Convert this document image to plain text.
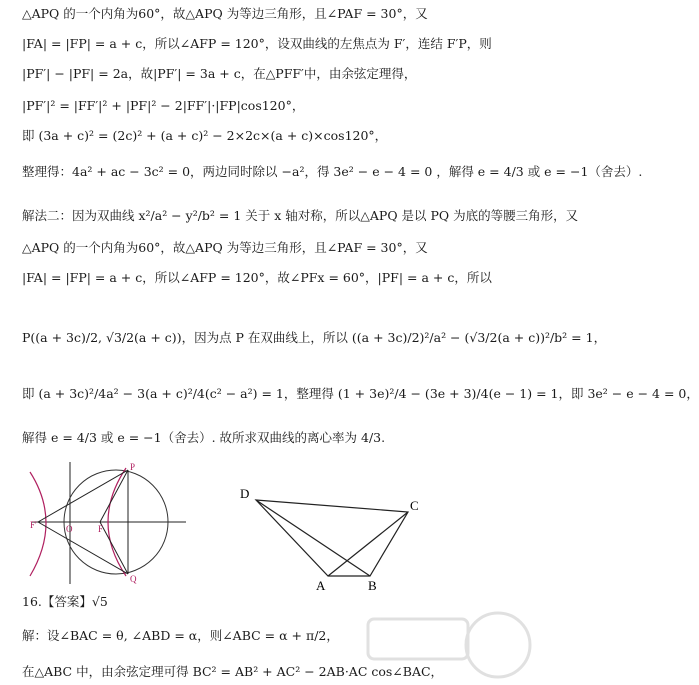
△APQ 的一个内角为60°，故△APQ 为等边三角形，且∠PAF = 30°，又
|FA| = |FP| = a + c，所以∠AFP = 120°，设双曲线的左焦点为 F′，连结 F′P，则
|PF′| − |PF| = 2a，故|PF′| = 3a + c，在△PFF′中，由余弦定理得，
|PF′|² = |FF′|² + |PF|² − 2|FF′|·|FP|cos120°，
即 (3a + c)² = (2c)² + (a + c)² − 2×2c×(a + c)×cos120°，
整理得：4a² + ac − 3c² = 0，两边同时除以 −a²，得 3e² − e − 4 = 0 ，解得 e = 4/3 或 e = −1（舍去）.
解法二：因为双曲线 x²/a² − y²/b² = 1 关于 x 轴对称，所以△APQ 是以 PQ 为底的等腰三角形，又
△APQ 的一个内角为60°，故△APQ 为等边三角形，且∠PAF = 30°，又
|FA| = |FP| = a + c，所以∠AFP = 120°，故∠PFx = 60°，|PF| = a + c，所以
P((a + 3c)/2, √3/2(a + c))，因为点 P 在双曲线上，所以 ((a + 3c)/2)²/a² − (√3/2(a + c))²/b² = 1，
即 (a + 3c)²/4a² − 3(a + c)²/4(c² − a²) = 1，整理得 (1 + 3e)²/4 − (3e + 3)/4(e − 1) = 1，即 3e² − e − 4 = 0，
解得 e = 4/3 或 e = −1（舍去）. 故所求双曲线的离心率为 4/3.
16.【答案】√5
解：设∠BAC = θ, ∠ABD = α，则∠ABC = α + π/2，
在△ABC 中，由余弦定理可得 BC² = AB² + AC² − 2AB·AC cos∠BAC，
P
F′	O	F
Q
D
C
A	B
